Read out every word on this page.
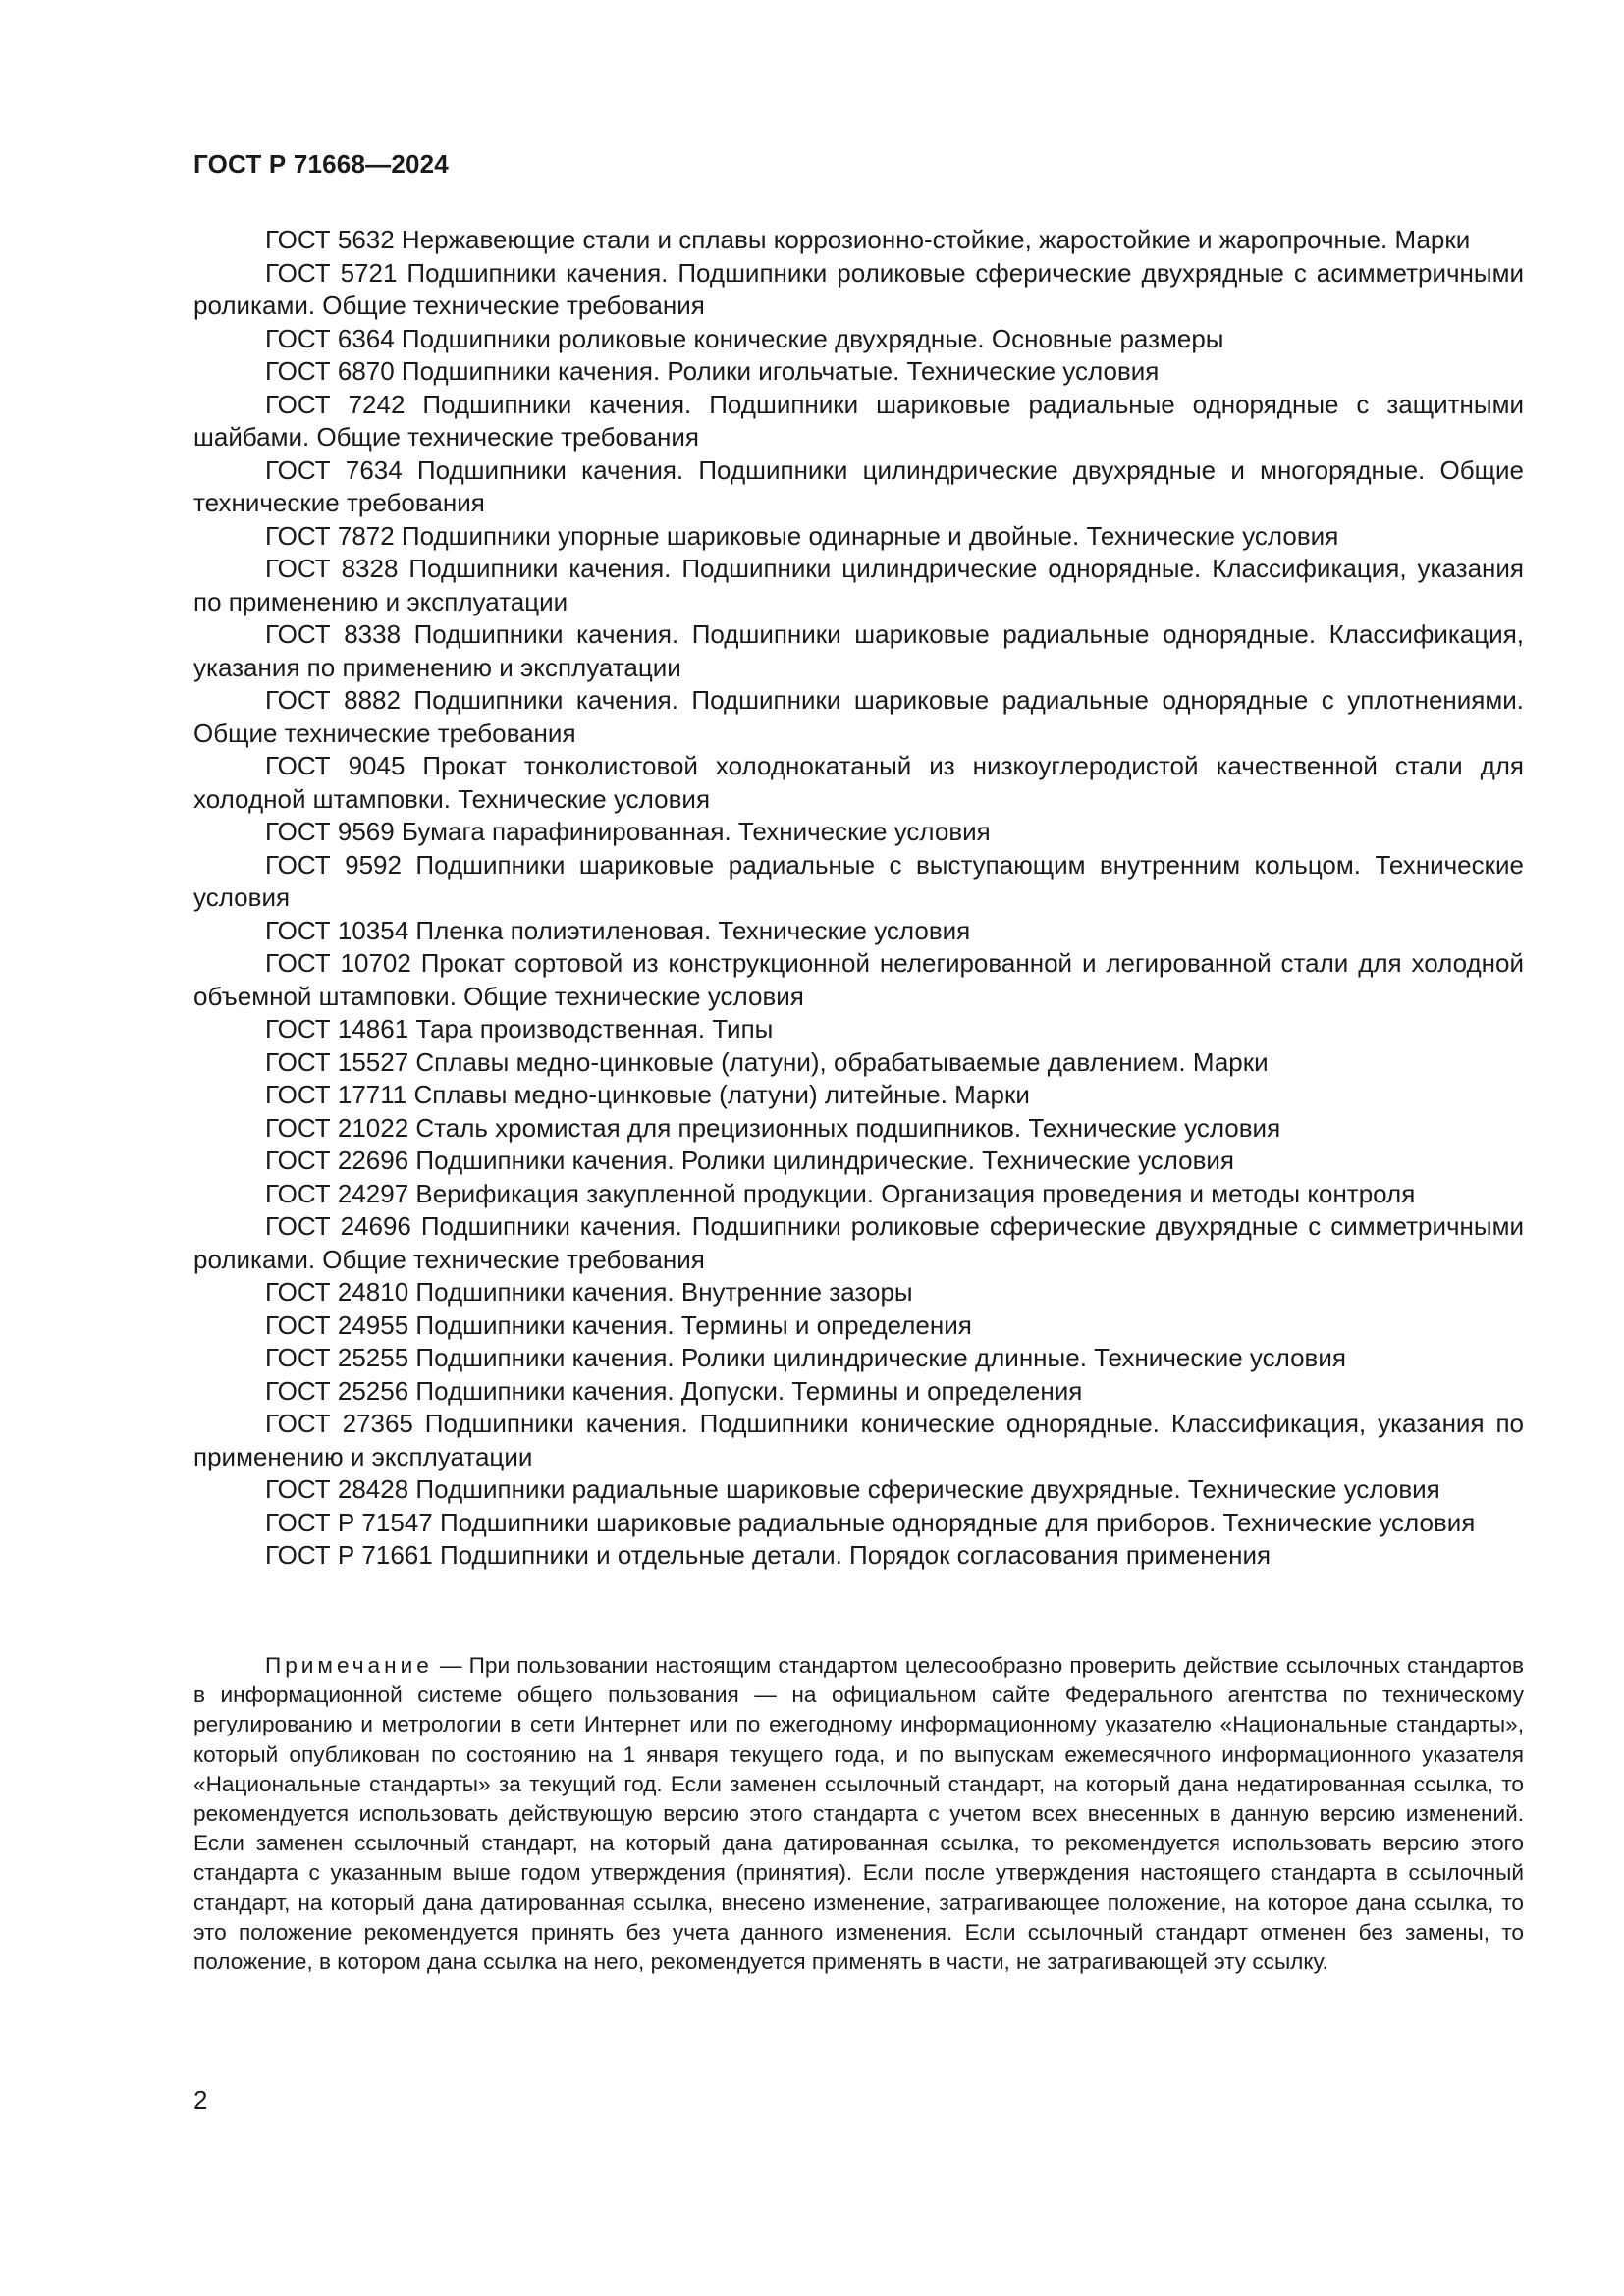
ГОСТ Р 71668—2024

ГОСТ 5632 Нержавеющие стали и сплавы коррозионно-стойкие, жаростойкие и жаропрочные. Марки

ГОСТ 5721 Подшипники качения. Подшипники роликовые сферические двухрядные с асимметричными роликами. Общие технические требования

ГОСТ 6364 Подшипники роликовые конические двухрядные. Основные размеры

ГОСТ 6870 Подшипники качения. Ролики игольчатые. Технические условия

ГОСТ 7242 Подшипники качения. Подшипники шариковые радиальные однорядные с защитными шайбами. Общие технические требования

ГОСТ 7634 Подшипники качения. Подшипники цилиндрические двухрядные и многорядные. Общие технические требования

ГОСТ 7872 Подшипники упорные шариковые одинарные и двойные. Технические условия

ГОСТ 8328 Подшипники качения. Подшипники цилиндрические однорядные. Классификация, указания по применению и эксплуатации

ГОСТ 8338 Подшипники качения. Подшипники шариковые радиальные однорядные. Классификация, указания по применению и эксплуатации

ГОСТ 8882 Подшипники качения. Подшипники шариковые радиальные однорядные с уплотнениями. Общие технические требования

ГОСТ 9045 Прокат тонколистовой холоднокатаный из низкоуглеродистой качественной стали для холодной штамповки. Технические условия

ГОСТ 9569 Бумага парафинированная. Технические условия

ГОСТ 9592 Подшипники шариковые радиальные с выступающим внутренним кольцом. Технические условия

ГОСТ 10354 Пленка полиэтиленовая. Технические условия

ГОСТ 10702 Прокат сортовой из конструкционной нелегированной и легированной стали для холодной объемной штамповки. Общие технические условия

ГОСТ 14861 Тара производственная. Типы

ГОСТ 15527 Сплавы медно-цинковые (латуни), обрабатываемые давлением. Марки

ГОСТ 17711 Сплавы медно-цинковые (латуни) литейные. Марки

ГОСТ 21022 Сталь хромистая для прецизионных подшипников. Технические условия

ГОСТ 22696 Подшипники качения. Ролики цилиндрические. Технические условия

ГОСТ 24297 Верификация закупленной продукции. Организация проведения и методы контроля

ГОСТ 24696 Подшипники качения. Подшипники роликовые сферические двухрядные с симметричными роликами. Общие технические требования

ГОСТ 24810 Подшипники качения. Внутренние зазоры

ГОСТ 24955 Подшипники качения. Термины и определения

ГОСТ 25255 Подшипники качения. Ролики цилиндрические длинные. Технические условия

ГОСТ 25256 Подшипники качения. Допуски. Термины и определения

ГОСТ 27365 Подшипники качения. Подшипники конические однорядные. Классификация, указания по применению и эксплуатации

ГОСТ 28428 Подшипники радиальные шариковые сферические двухрядные. Технические условия

ГОСТ Р 71547 Подшипники шариковые радиальные однорядные для приборов. Технические условия

ГОСТ Р 71661 Подшипники и отдельные детали. Порядок согласования применения

Примечание — При пользовании настоящим стандартом целесообразно проверить действие ссылочных стандартов в информационной системе общего пользования — на официальном сайте Федерального агентства по техническому регулированию и метрологии в сети Интернет или по ежегодному информационному указателю «Национальные стандарты», который опубликован по состоянию на 1 января текущего года, и по выпускам ежемесячного информационного указателя «Национальные стандарты» за текущий год. Если заменен ссылочный стандарт, на который дана недатированная ссылка, то рекомендуется использовать действующую версию этого стандарта с учетом всех внесенных в данную версию изменений. Если заменен ссылочный стандарт, на который дана датированная ссылка, то рекомендуется использовать версию этого стандарта с указанным выше годом утверждения (принятия). Если после утверждения настоящего стандарта в ссылочный стандарт, на который дана датированная ссылка, внесено изменение, затрагивающее положение, на которое дана ссылка, то это положение рекомендуется принять без учета данного изменения. Если ссылочный стандарт отменен без замены, то положение, в котором дана ссылка на него, рекомендуется применять в части, не затрагивающей эту ссылку.

2
